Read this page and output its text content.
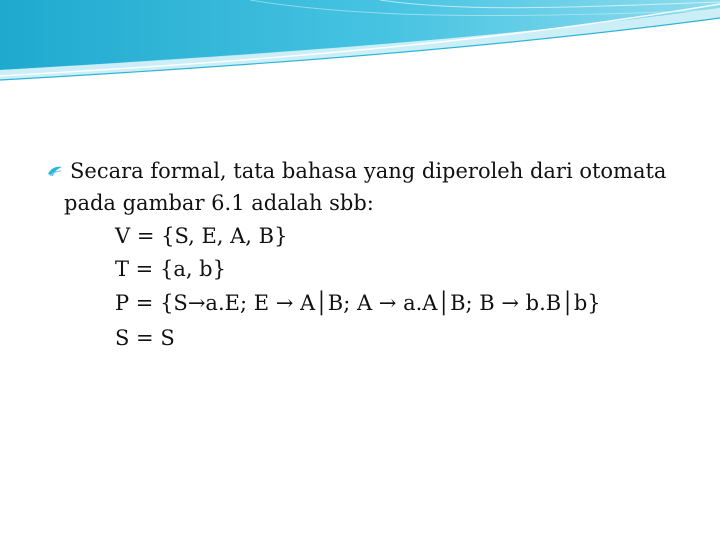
Secara formal, tata bahasa yang diperoleh dari otomata
pada gambar 6.1 adalah sbb:
V = {S, E, A, B}
T = {a, b}
P = {S→a.E; E → A│B; A → a.A│B; B → b.B│b}
S = S
